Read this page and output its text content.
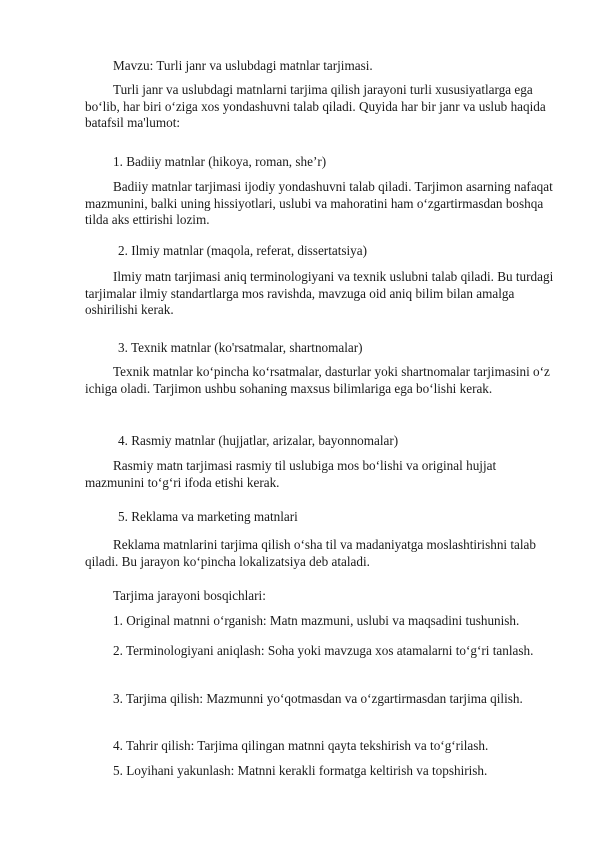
Mavzu: Turli janr va uslubdagi matnlar tarjimasi.

Turli janr va uslubdagi matnlarni tarjima qilish jarayoni turli xususiyatlarga ega bo‘lib, har biri o‘ziga xos yondashuvni talab qiladi. Quyida har bir janr va uslub haqida batafsil ma'lumot:

1. Badiiy matnlar (hikoya, roman, she’r)

Badiiy matnlar tarjimasi ijodiy yondashuvni talab qiladi. Tarjimon asarning nafaqat mazmunini, balki uning hissiyotlari, uslubi va mahoratini ham o‘zgartirmasdan boshqa tilda aks ettirishi lozim.

2. Ilmiy matnlar (maqola, referat, dissertatsiya)

Ilmiy matn tarjimasi aniq terminologiyani va texnik uslubni talab qiladi. Bu turdagi tarjimalar ilmiy standartlarga mos ravishda, mavzuga oid aniq bilim bilan amalga oshirilishi kerak.

3. Texnik matnlar (ko'rsatmalar, shartnomalar)

Texnik matnlar ko‘pincha ko‘rsatmalar, dasturlar yoki shartnomalar tarjimasini o‘z ichiga oladi. Tarjimon ushbu sohaning maxsus bilimlariga ega bo‘lishi kerak.

4. Rasmiy matnlar (hujjatlar, arizalar, bayonnomalar)

Rasmiy matn tarjimasi rasmiy til uslubiga mos bo‘lishi va original hujjat mazmunini to‘g‘ri ifoda etishi kerak.

5. Reklama va marketing matnlari

Reklama matnlarini tarjima qilish o‘sha til va madaniyatga moslashtirishni talab qiladi. Bu jarayon ko‘pincha lokalizatsiya deb ataladi.

Tarjima jarayoni bosqichlari:

1. Original matnni o‘rganish: Matn mazmuni, uslubi va maqsadini tushunish.

2. Terminologiyani aniqlash: Soha yoki mavzuga xos atamalarni to‘g‘ri tanlash.

3. Tarjima qilish: Mazmunni yo‘qotmasdan va o‘zgartirmasdan tarjima qilish.

4. Tahrir qilish: Tarjima qilingan matnni qayta tekshirish va to‘g‘rilash.

5. Loyihani yakunlash: Matnni kerakli formatga keltirish va topshirish.
